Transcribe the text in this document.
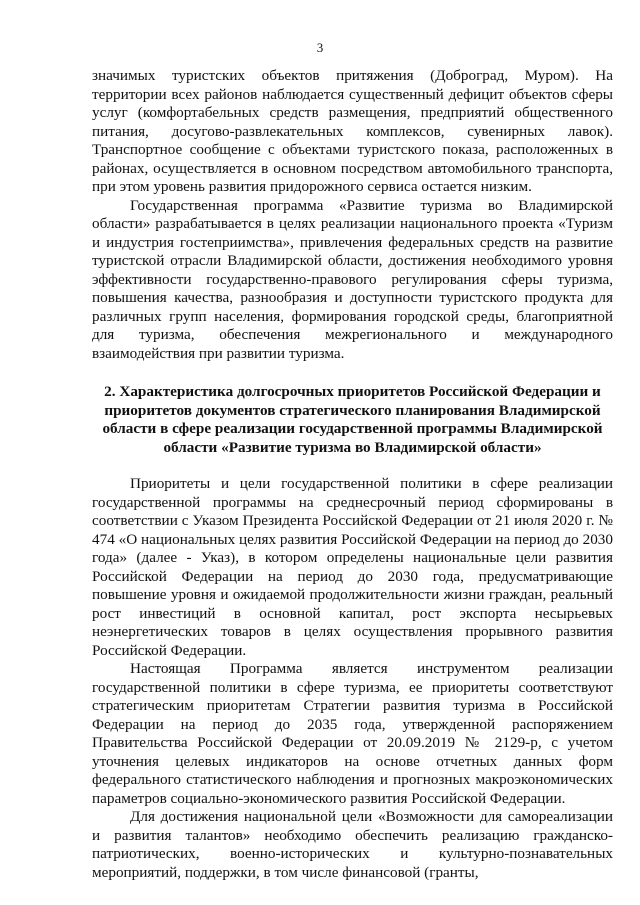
3

значимых туристских объектов притяжения (Доброград, Муром). На территории всех районов наблюдается существенный дефицит объектов сферы услуг (комфортабельных средств размещения, предприятий общественного питания, досугово-развлекательных комплексов, сувенирных лавок). Транспортное сообщение с объектами туристского показа, расположенных в районах, осуществляется в основном посредством автомобильного транспорта, при этом уровень развития придорожного сервиса остается низким.

Государственная программа «Развитие туризма во Владимирской области» разрабатывается в целях реализации национального проекта «Туризм и индустрия гостеприимства», привлечения федеральных средств на развитие туристской отрасли Владимирской области, достижения необходимого уровня эффективности государственно-правового регулирования сферы туризма, повышения качества, разнообразия и доступности туристского продукта для различных групп населения, формирования городской среды, благоприятной для туризма, обеспечения межрегионального и международного взаимодействия при развитии туризма.

2. Характеристика долгосрочных приоритетов Российской Федерации и приоритетов документов стратегического планирования Владимирской области в сфере реализации государственной программы Владимирской области «Развитие туризма во Владимирской области»

Приоритеты и цели государственной политики в сфере реализации государственной программы на среднесрочный период сформированы в соответствии с Указом Президента Российской Федерации от 21 июля 2020 г. № 474 «О национальных целях развития Российской Федерации на период до 2030 года» (далее - Указ), в котором определены национальные цели развития Российской Федерации на период до 2030 года, предусматривающие повышение уровня и ожидаемой продолжительности жизни граждан, реальный рост инвестиций в основной капитал, рост экспорта несырьевых неэнергетических товаров в целях осуществления прорывного развития Российской Федерации.

Настоящая Программа является инструментом реализации государственной политики в сфере туризма, ее приоритеты соответствуют стратегическим приоритетам Стратегии развития туризма в Российской Федерации на период до 2035 года, утвержденной распоряжением Правительства Российской Федерации от 20.09.2019 № 2129-р, с учетом уточнения целевых индикаторов на основе отчетных данных форм федерального статистического наблюдения и прогнозных макроэкономических параметров социально-экономического развития Российской Федерации.

Для достижения национальной цели «Возможности для самореализации и развития талантов» необходимо обеспечить реализацию гражданско-патриотических, военно-исторических и культурно-познавательных мероприятий, поддержки, в том числе финансовой (гранты,
